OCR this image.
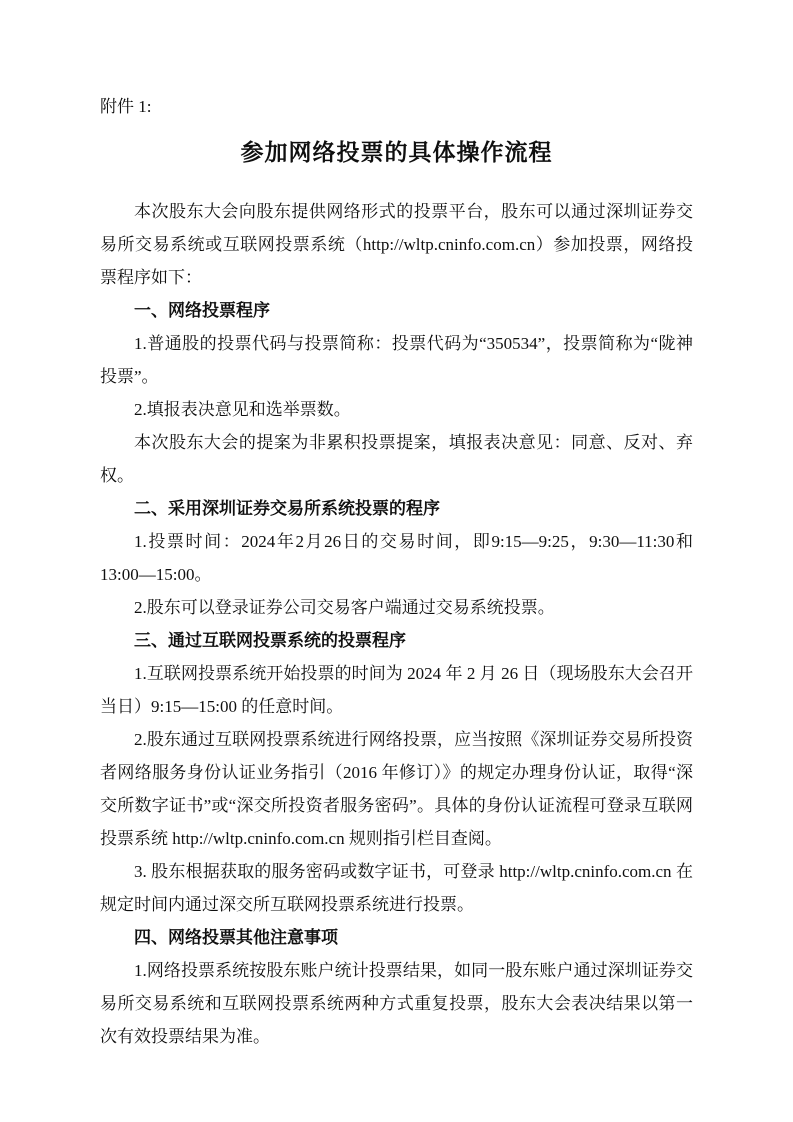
附件 1:
参加网络投票的具体操作流程

本次股东大会向股东提供网络形式的投票平台，股东可以通过深圳证券交易所交易系统或互联网投票系统（http://wltp.cninfo.com.cn）参加投票，网络投票程序如下：

一、网络投票程序

1.普通股的投票代码与投票简称：投票代码为“350534”，投票简称为“陇神投票”。

2.填报表决意见和选举票数。

本次股东大会的提案为非累积投票提案，填报表决意见：同意、反对、弃权。

二、采用深圳证券交易所系统投票的程序

1.投票时间：2024年2月26日的交易时间，即9:15—9:25，9:30—11:30和13:00—15:00。

2.股东可以登录证券公司交易客户端通过交易系统投票。

三、通过互联网投票系统的投票程序

1.互联网投票系统开始投票的时间为 2024 年 2 月 26 日（现场股东大会召开当日）9:15—15:00 的任意时间。

2.股东通过互联网投票系统进行网络投票，应当按照《深圳证券交易所投资者网络服务身份认证业务指引（2016 年修订）》的规定办理身份认证，取得“深交所数字证书”或“深交所投资者服务密码”。具体的身份认证流程可登录互联网投票系统 http://wltp.cninfo.com.cn 规则指引栏目查阅。

3. 股东根据获取的服务密码或数字证书，可登录 http://wltp.cninfo.com.cn 在规定时间内通过深交所互联网投票系统进行投票。

四、网络投票其他注意事项

1.网络投票系统按股东账户统计投票结果，如同一股东账户通过深圳证券交易所交易系统和互联网投票系统两种方式重复投票，股东大会表决结果以第一次有效投票结果为准。
